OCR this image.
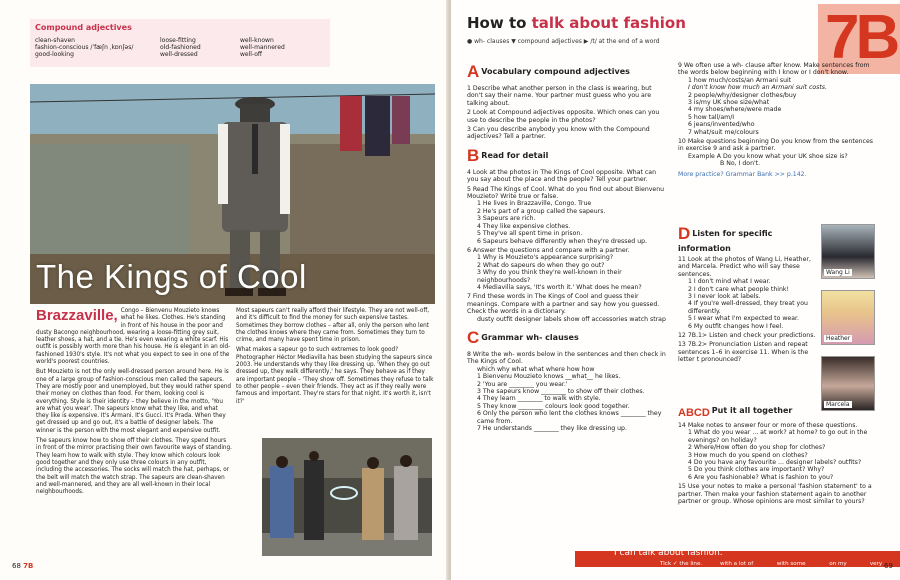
Compound adjectives
clean-shaven
fashion-conscious /ˈfæʃn ˌkɒnʃəs/
good-looking
loose-fitting
old-fashioned
well-dressed
well-known
well-mannered
well-off
The Kings of Cool

Brazzaville, Congo – Bienvenu Mouzieto knows what he likes. Clothes. He's standing in front of his house in the poor and dusty Bacongo neighbourhood, wearing a loose-fitting grey suit, leather shoes, a hat, and a tie. He's even wearing a white scarf. His outfit is possibly worth more than his house. He is elegant in an old-fashioned 1930's style. It's not what you expect to see in one of the world's poorest countries.

But Mouzieto is not the only well-dressed person around here. He is one of a large group of fashion-conscious men called the sapeurs. They are mostly poor and unemployed, but they would rather spend their money on clothes than food. For them, looking cool is everything. Style is their identity – they believe in the motto, 'You are what you wear'. The sapeurs know what they like, and what they like is expensive. It's Armani. It's Gucci. It's Prada. When they get dressed up and go out, it's a battle of designer labels. The winner is the person with the most elegant and expensive outfit.

The sapeurs know how to show off their clothes. They spend hours in front of the mirror practising their own favourite ways of standing. They learn how to walk with style. They know which colours look good together and they only use three colours in any outfit, including the accessories. The socks will match the hat, perhaps, or the belt will match the watch strap. The sapeurs are clean-shaven and well-mannered, and they are all well-known in their local neighbourhoods.

Most sapeurs can't really afford their lifestyle. They are not well-off, and it's difficult to find the money for such expensive tastes. Sometimes they borrow clothes – after all, only the person who lent the clothes knows where they came from. Sometimes they turn to crime, and many have spent time in prison.

What makes a sapeur go to such extremes to look good? Photographer Héctor Mediavilla has been studying the sapeurs since 2003. He understands why they like dressing up. 'When they go out dressed up, they walk differently,' he says. They behave as if they are important people – 'They show off. Sometimes they refuse to talk to other people – even their friends. They act as if they really were famous and important. They're stars for that night. It's worth it, isn't it?'

68 7B
7B
How to talk about fashion
● wh- clauses ▼ compound adjectives ▶ /t/ at the end of a word
A Vocabulary compound adjectives
1 Describe what another person in the class is wearing, but don't say their name. Your partner must guess who you are talking about.
2 Look at Compound adjectives opposite. Which ones can you use to describe the people in the photos?
3 Can you describe anybody you know with the Compound adjectives? Tell a partner.
B Read for detail
4 Look at the photos in The Kings of Cool opposite. What can you say about the place and the people? Tell your partner.
5 Read The Kings of Cool. What do you find out about Bienvenu Mouzieto? Write true or false.
1 He lives in Brazzaville, Congo. True
2 He's part of a group called the sapeurs.
3 Sapeurs are rich.
4 They like expensive clothes.
5 They've all spent time in prison.
6 Sapeurs behave differently when they're dressed up.
6 Answer the questions and compare with a partner.
1 Why is Mouzieto's appearance surprising?
2 What do sapeurs do when they go out?
3 Why do you think they're well-known in their neighbourhoods?
4 Mediavilla says, 'It's worth it.' What does he mean?
7 Find these words in The Kings of Cool and guess their meanings. Compare with a partner and say how you guessed. Check the words in a dictionary.
dusty outfit designer labels show off accessories watch strap
C Grammar wh- clauses
8 Write the wh- words below in the sentences and then check in The Kings of Cool.
which why what what where how how
1 Bienvenu Mouzieto knows __what__ he likes.
2 'You are ________ you wear.'
3 The sapeurs know ________ to show off their clothes.
4 They learn ________ to walk with style.
5 They know ________ colours look good together.
6 Only the person who lent the clothes knows ________ they came from.
7 He understands ________ they like dressing up.
9 We often use a wh- clause after know. Make sentences from the words below beginning with I know or I don't know.
1 how much/costs/an Armani suit
I don't know how much an Armani suit costs.
2 people/why/designer clothes/buy
3 is/my UK shoe size/what
4 my shoes/where/were made
5 how tall/am/I
6 jeans/invented/who
7 what/suit me/colours
10 Make questions beginning Do you know from the sentences in exercise 9 and ask a partner.
Example A Do you know what your UK shoe size is?
B No, I don't.
More practice? Grammar Bank >> p.142.
D Listen for specific information
11 Look at the photos of Wang Li, Heather, and Marcela. Predict who will say these sentences.
1 I don't mind what I wear.
2 I don't care what people think!
3 I never look at labels.
4 If you're well-dressed, they treat you differently.
5 I wear what I'm expected to wear.
6 My outfit changes how I feel.
12 7B.1> Listen and check your predictions.
13 7B.2> Pronunciation Listen and repeat sentences 1–6 in exercise 11. When is the letter t pronounced?
Wang Li
Heather
Marcela
ABCD Put it all together
14 Make notes to answer four or more of these questions.
1 What do you wear ... at work? at home? to go out in the evenings? on holiday?
2 Where/How often do you shop for clothes?
3 How much do you spend on clothes?
4 Do you have any favourite ... designer labels? outfits?
5 Do you think clothes are important? Why?
6 Are you fashionable? What is fashion to you?
15 Use your notes to make a personal 'fashion statement' to a partner. Then make your fashion statement again to another partner or group. Whose opinions are most similar to yours?
I can talk about fashion.
Tick ✓ the line.	with a lot of help
with some help
on my own
very easily
69
